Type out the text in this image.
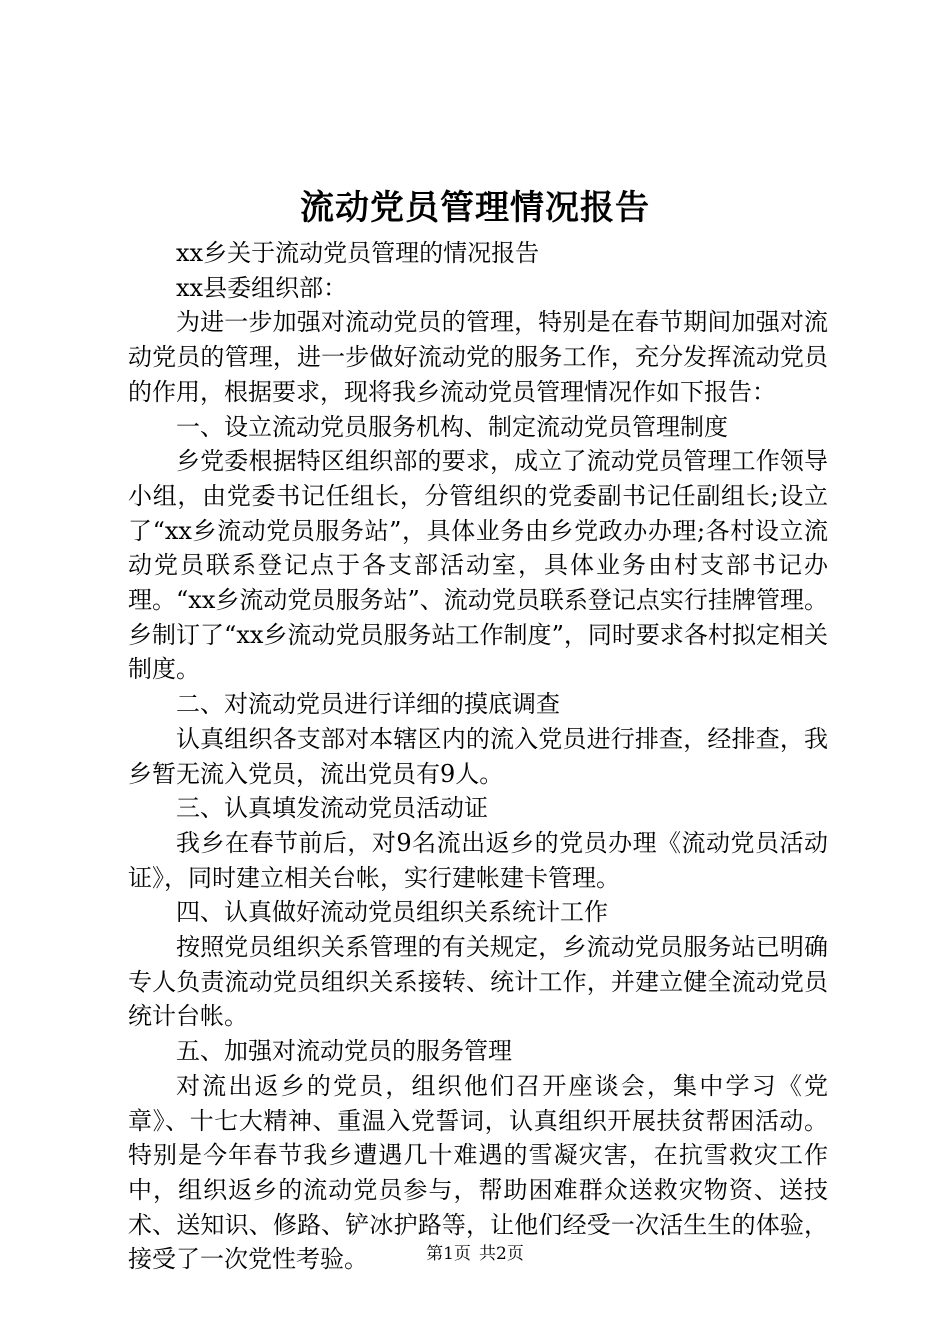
流动党员管理情况报告

xx乡关于流动党员管理的情况报告

xx县委组织部：

为进一步加强对流动党员的管理，特别是在春节期间加强对流动党员的管理，进一步做好流动党的服务工作，充分发挥流动党员的作用，根据要求，现将我乡流动党员管理情况作如下报告：

一、设立流动党员服务机构、制定流动党员管理制度

乡党委根据特区组织部的要求，成立了流动党员管理工作领导小组，由党委书记任组长，分管组织的党委副书记任副组长;设立了“xx乡流动党员服务站”，具体业务由乡党政办办理;各村设立流动党员联系登记点于各支部活动室，具体业务由村支部书记办理。“xx乡流动党员服务站”、流动党员联系登记点实行挂牌管理。乡制订了“xx乡流动党员服务站工作制度”，同时要求各村拟定相关制度。

二、对流动党员进行详细的摸底调查

认真组织各支部对本辖区内的流入党员进行排查，经排查，我乡暂无流入党员，流出党员有9人。

三、认真填发流动党员活动证

我乡在春节前后，对9名流出返乡的党员办理《流动党员活动证》，同时建立相关台帐，实行建帐建卡管理。

四、认真做好流动党员组织关系统计工作

按照党员组织关系管理的有关规定，乡流动党员服务站已明确专人负责流动党员组织关系接转、统计工作，并建立健全流动党员统计台帐。

五、加强对流动党员的服务管理

对流出返乡的党员，组织他们召开座谈会，集中学习《党章》、十七大精神、重温入党誓词，认真组织开展扶贫帮困活动。特别是今年春节我乡遭遇几十难遇的雪凝灾害，在抗雪救灾工作中，组织返乡的流动党员参与，帮助困难群众送救灾物资、送技术、送知识、修路、铲冰护路等，让他们经受一次活生生的体验，接受了一次党性考验。	第1页 共2页
